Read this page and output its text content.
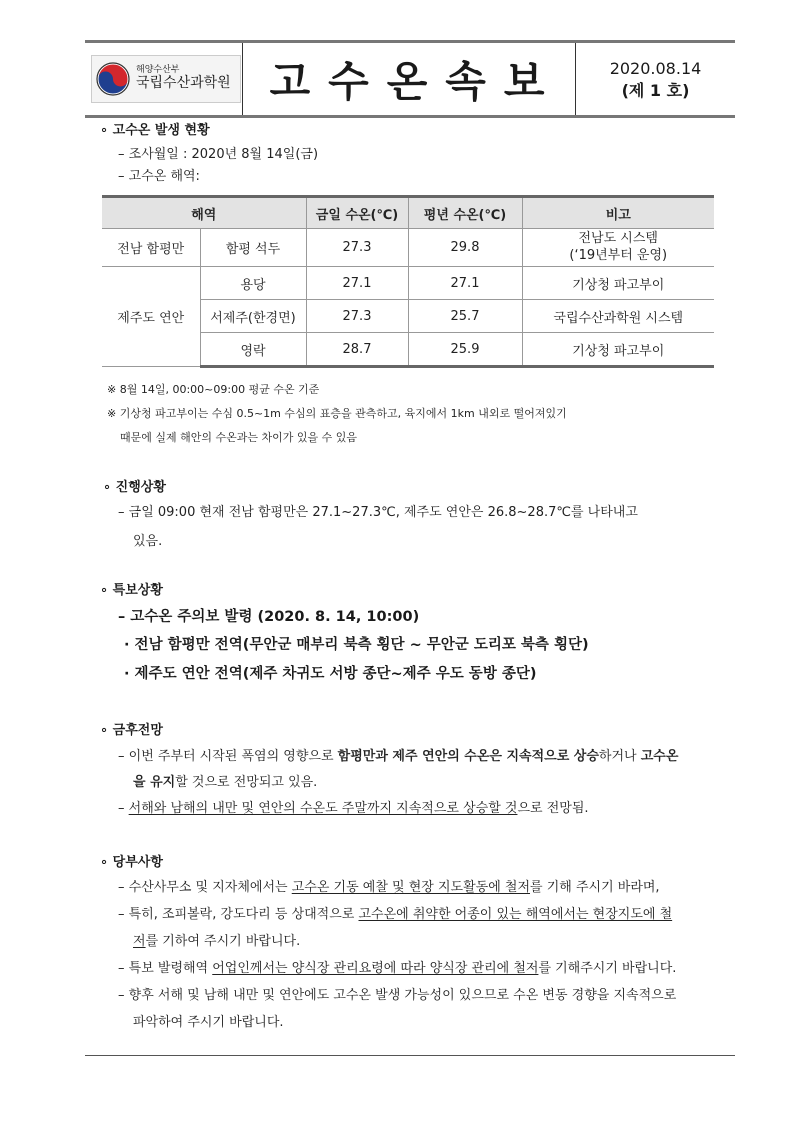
해양수산부
국립수산과학원 고수온속보	2020.08.14
(제 1 호)
∘ 고수온 발생 현황
– 조사월일 : 2020년 8월 14일(금)
– 고수온 해역:
해역		금일 수온(℃)	평년 수온(℃)	비고
전남 함평만	함평 석두	27.3	29.8	전남도 시스템
(‘19년부터 운영)

제주도 연안	용당	27.1	27.1	기상청 파고부이
	서제주(한경면)	27.3	25.7	국립수산과학원 시스템
	영락	28.7	25.9	기상청 파고부이
※ 8월 14일, 00:00~09:00 평균 수온 기준
※ 기상청 파고부이는 수심 0.5~1m 수심의 표층을 관측하고, 육지에서 1km 내외로 떨어져있기
때문에 실제 해안의 수온과는 차이가 있을 수 있음
∘ 진행상황
– 금일 09:00 현재 전남 함평만은 27.1~27.3℃, 제주도 연안은 26.8~28.7℃를 나타내고
있음.
∘ 특보상황
– 고수온 주의보 발령 (2020. 8. 14, 10:00)
· 전남 함평만 전역(무안군 매부리 북측 횡단 ~ 무안군 도리포 북측 횡단)
· 제주도 연안 전역(제주 차귀도 서방 종단~제주 우도 동방 종단)
∘ 금후전망
– 이번 주부터 시작된 폭염의 영향으로 함평만과 제주 연안의 수온은 지속적으로 상승하거나 고수온
을 유지할 것으로 전망되고 있음.
– 서해와 남해의 내만 및 연안의 수온도 주말까지 지속적으로 상승할 것으로 전망됨.
∘ 당부사항
– 수산사무소 및 지자체에서는 고수온 기동 예찰 및 현장 지도활동에 철저를 기해 주시기 바라며,
– 특히, 조피볼락, 강도다리 등 상대적으로 고수온에 취약한 어종이 있는 해역에서는 현장지도에 철
저를 기하여 주시기 바랍니다.
– 특보 발령해역 어업인께서는 양식장 관리요령에 따라 양식장 관리에 철저를 기해주시기 바랍니다.
– 향후 서해 및 남해 내만 및 연안에도 고수온 발생 가능성이 있으므로 수온 변동 경향을 지속적으로
파악하여 주시기 바랍니다.
